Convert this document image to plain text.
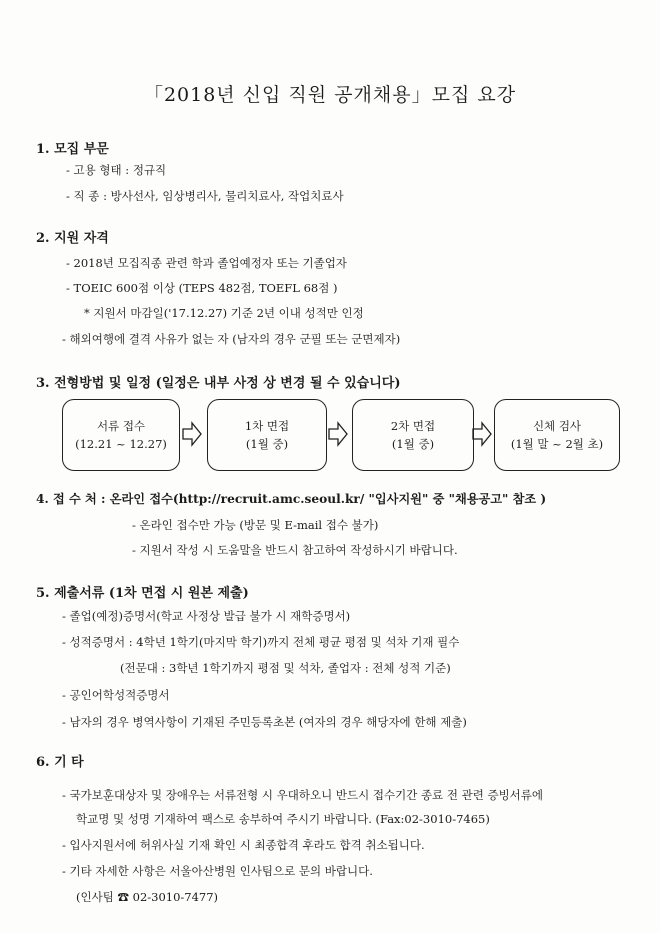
「2018년 신입 직원 공개채용」모집 요강
1. 모집 부문
- 고용 형태 : 정규직
- 직 종 : 방사선사, 임상병리사, 물리치료사, 작업치료사
2. 지원 자격
- 2018년 모집직종 관련 학과 졸업예정자 또는 기졸업자
- TOEIC 600점 이상 (TEPS 482점, TOEFL 68점 )
* 지원서 마감일('17.12.27) 기준 2년 이내 성적만 인정
- 해외여행에 결격 사유가 없는 자 (남자의 경우 군필 또는 군면제자)
3. 전형방법 및 일정 (일정은 내부 사정 상 변경 될 수 있습니다)
서류 접수
(12.21 ~ 12.27)
1차 면접
(1월 중)
2차 면접
(1월 중)
신체 검사
(1월 말 ~ 2월 초)
4. 접 수 처 : 온라인 접수(http://recruit.amc.seoul.kr/ "입사지원" 중 "채용공고" 참조 )
- 온라인 접수만 가능 (방문 및 E-mail 접수 불가)
- 지원서 작성 시 도움말을 반드시 참고하여 작성하시기 바랍니다.
5. 제출서류 (1차 면접 시 원본 제출)
- 졸업(예정)증명서(학교 사정상 발급 불가 시 재학증명서)
- 성적증명서 : 4학년 1학기(마지막 학기)까지 전체 평균 평점 및 석차 기재 필수
(전문대 : 3학년 1학기까지 평점 및 석차, 졸업자 : 전체 성적 기준)
- 공인어학성적증명서
- 남자의 경우 병역사항이 기재된 주민등록초본 (여자의 경우 해당자에 한해 제출)
6. 기 타
- 국가보훈대상자 및 장애우는 서류전형 시 우대하오니 반드시 접수기간 종료 전 관련 증빙서류에
학교명 및 성명 기재하여 팩스로 송부하여 주시기 바랍니다. (Fax:02-3010-7465)
- 입사지원서에 허위사실 기재 확인 시 최종합격 후라도 합격 취소됩니다.
- 기타 자세한 사항은 서울아산병원 인사팀으로 문의 바랍니다.
(인사팀 ☎ 02-3010-7477)
